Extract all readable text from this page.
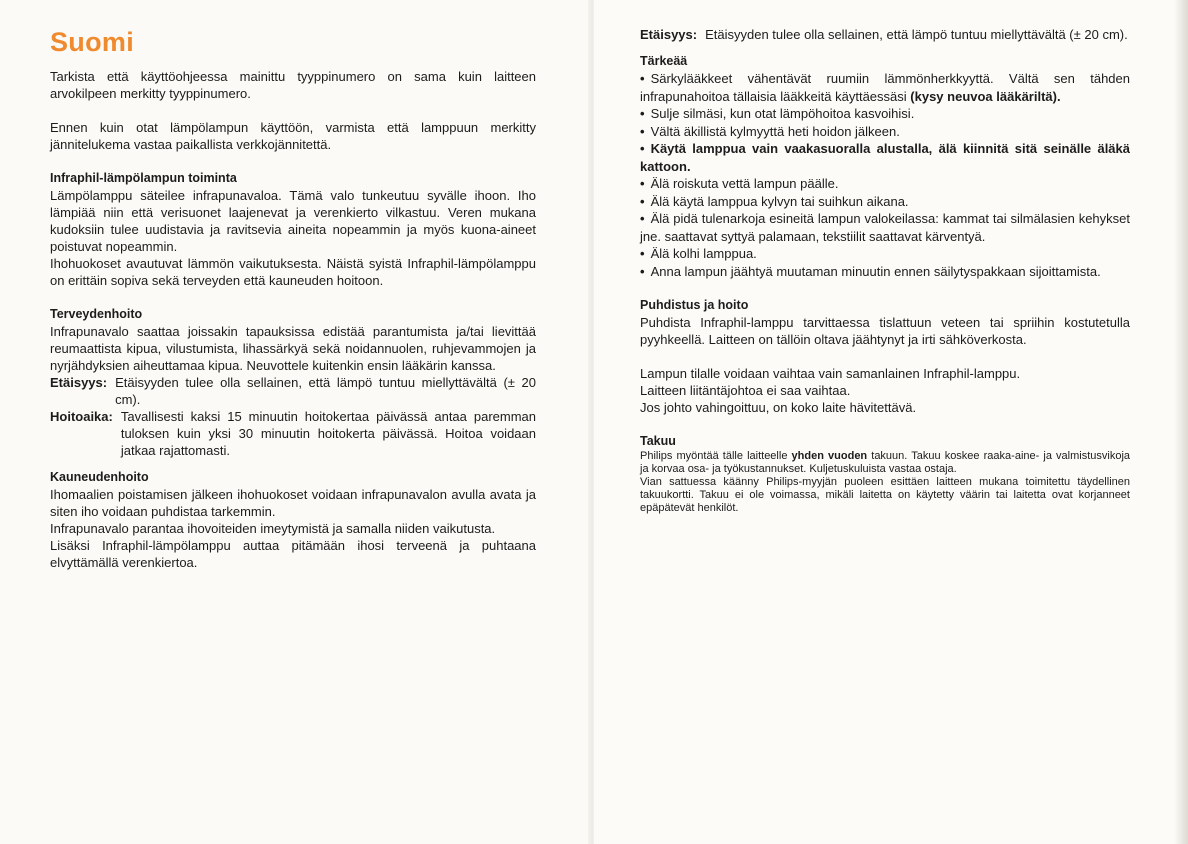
Suomi

Tarkista että käyttöohjeessa mainittu tyyppinumero on sama kuin laitteen arvokilpeen merkitty tyyppinumero.

Ennen kuin otat lämpölampun käyttöön, varmista että lamppuun merkitty jännitelukema vastaa paikallista verkkojännitettä.

Infraphil-lämpölampun toiminta

Lämpölamppu säteilee infrapunavaloa. Tämä valo tunkeutuu syvälle ihoon. Iho lämpiää niin että verisuonet laajenevat ja verenkierto vilkastuu. Veren mukana kudoksiin tulee uudistavia ja ravitsevia aineita nopeammin ja myös kuona-aineet poistuvat nopeammin.

Ihohuokoset avautuvat lämmön vaikutuksesta. Näistä syistä Infraphil-lämpölamppu on erittäin sopiva sekä terveyden että kauneuden hoitoon.

Terveydenhoito

Infrapunavalo saattaa joissakin tapauksissa edistää parantumista ja/tai lievittää reumaattista kipua, vilustumista, lihassärkyä sekä noidannuolen, ruhjevammojen ja nyrjähdyksien aiheuttamaa kipua. Neuvottele kuitenkin ensin lääkärin kanssa.

Etäisyys: Etäisyyden tulee olla sellainen, että lämpö tuntuu miellyttävältä (± 20 cm).
Hoitoaika: Tavallisesti kaksi 15 minuutin hoitokertaa päivässä antaa paremman tuloksen kuin yksi 30 minuutin hoitokerta päivässä. Hoitoa voidaan jatkaa rajattomasti.
Kauneudenhoito

Ihomaalien poistamisen jälkeen ihohuokoset voidaan infrapunavalon avulla avata ja siten iho voidaan puhdistaa tarkemmin.

Infrapunavalo parantaa ihovoiteiden imeytymistä ja samalla niiden vaikutusta.

Lisäksi Infraphil-lämpölamppu auttaa pitämään ihosi terveenä ja puhtaana elvyttämällä verenkiertoa.

Etäisyys: Etäisyyden tulee olla sellainen, että lämpö tuntuu miellyttävältä (± 20 cm).
Tärkeää

• Särkylääkkeet vähentävät ruumiin lämmönherkkyyttä. Vältä sen tähden infrapunahoitoa tällaisia lääkkeitä käyttäessäsi (kysy neuvoa lääkäriltä).

• Sulje silmäsi, kun otat lämpöhoitoa kasvoihisi.

• Vältä äkillistä kylmyyttä heti hoidon jälkeen.

• Käytä lamppua vain vaakasuoralla alustalla, älä kiinnitä sitä seinälle äläkä kattoon.

• Älä roiskuta vettä lampun päälle.

• Älä käytä lamppua kylvyn tai suihkun aikana.

• Älä pidä tulenarkoja esineitä lampun valokeilassa: kammat tai silmälasien kehykset jne. saattavat syttyä palamaan, tekstiilit saattavat kärventyä.

• Älä kolhi lamppua.

• Anna lampun jäähtyä muutaman minuutin ennen säilytyspakkaan sijoittamista.

Puhdistus ja hoito

Puhdista Infraphil-lamppu tarvittaessa tislattuun veteen tai spriihin kostutetulla pyyhkeellä. Laitteen on tällöin oltava jäähtynyt ja irti sähköverkosta.

Lampun tilalle voidaan vaihtaa vain samanlainen Infraphil-lamppu.

Laitteen liitäntäjohtoa ei saa vaihtaa.

Jos johto vahingoittuu, on koko laite hävitettävä.

Takuu

Philips myöntää tälle laitteelle yhden vuoden takuun. Takuu koskee raaka-aine- ja valmistusvikoja ja korvaa osa- ja työkustannukset. Kuljetuskuluista vastaa ostaja.

Vian sattuessa käänny Philips-myyjän puoleen esittäen laitteen mukana toimitettu täydellinen takuukortti. Takuu ei ole voimassa, mikäli laitetta on käytetty väärin tai laitetta ovat korjanneet epäpätevät henkilöt.
